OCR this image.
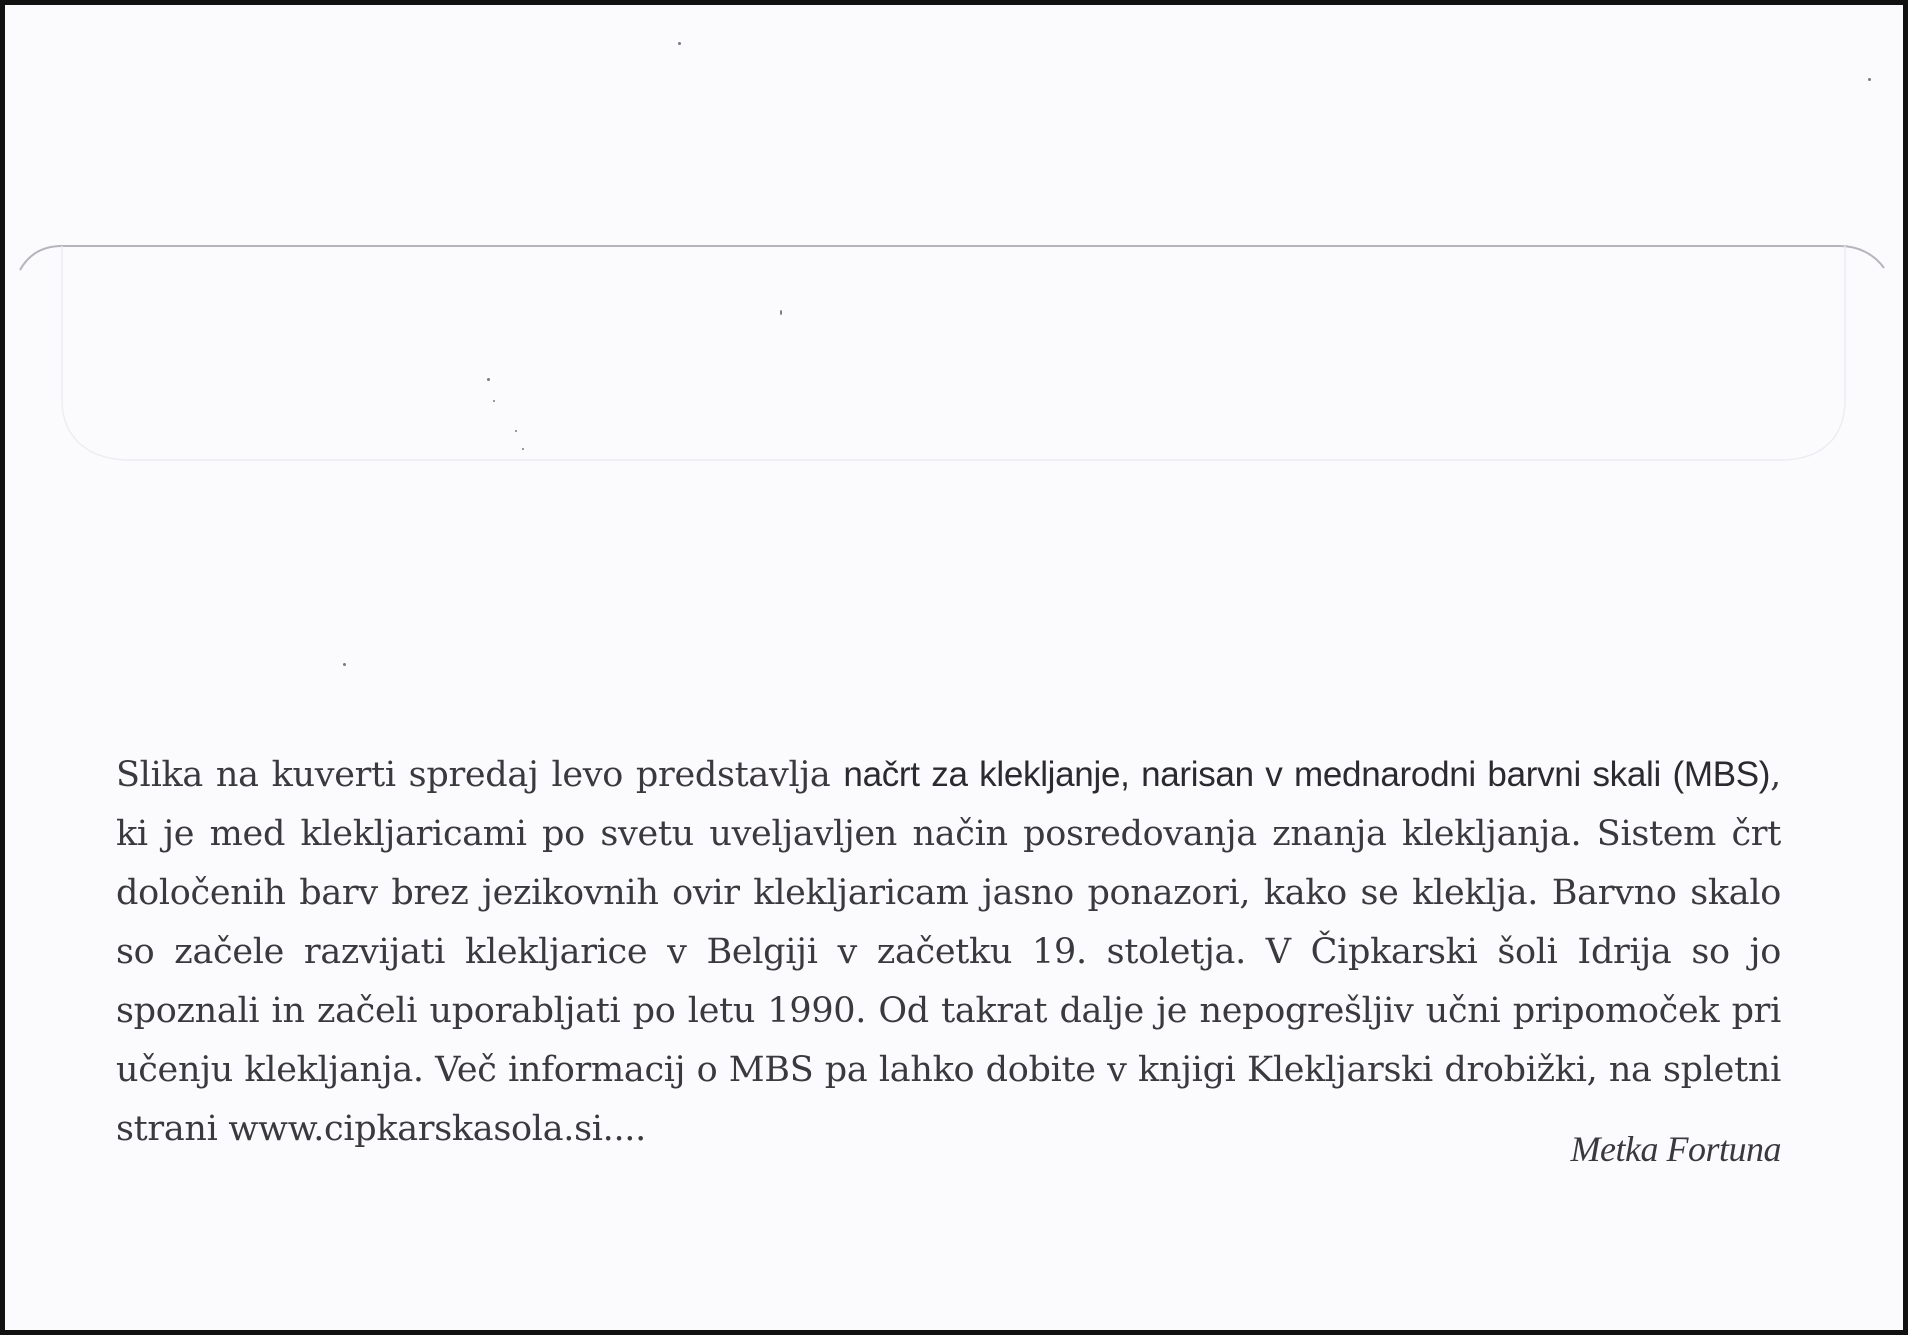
Slika na kuverti spredaj levo predstavlja načrt za klekljanje, narisan v mednarodni barvni skali (MBS), ki je med klekljaricami po svetu uveljavljen način posredovanja znanja klekljanja. Sistem črt določenih barv brez jezikovnih ovir klekljaricam jasno ponazori, kako se kleklja. Barvno skalo so začele razvijati klekljarice v Belgiji v začetku 19. stoletja. V Čipkarski šoli Idrija so jo spoznali in začeli uporabljati po letu 1990. Od takrat dalje je nepogrešljiv učni pripomoček pri učenju klekljanja. Več informacij o MBS pa lahko dobite v knjigi Klekljarski drobižki, na spletni strani www.cipkarskasola.si....	Metka Fortuna
